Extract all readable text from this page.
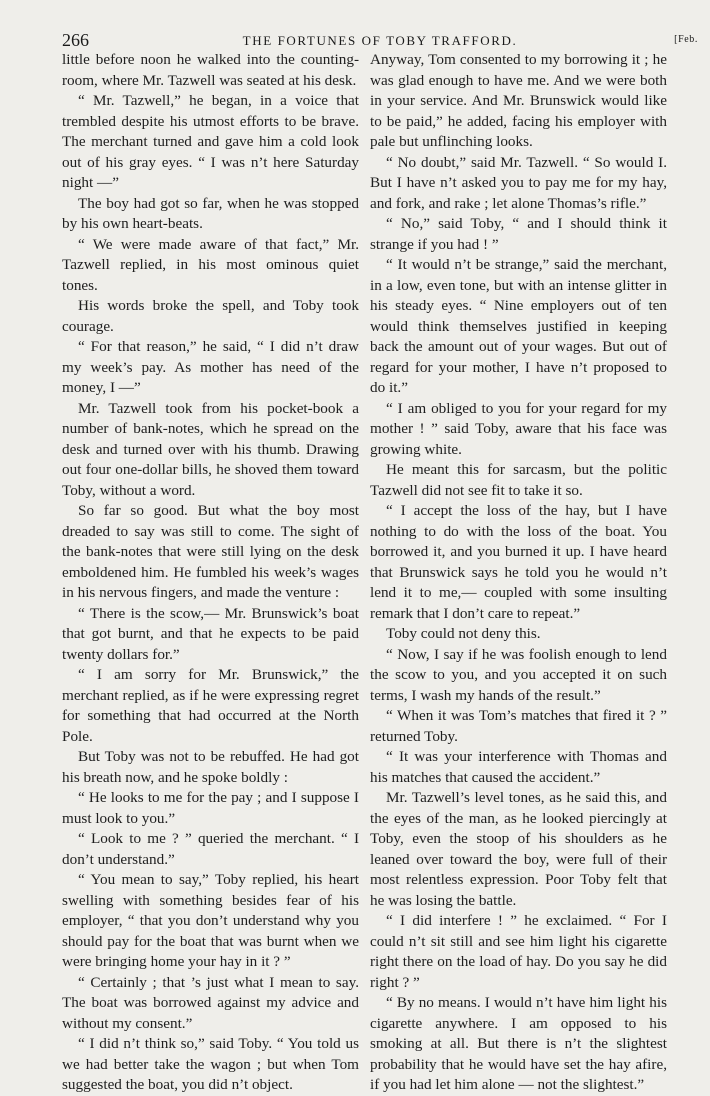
266	THE FORTUNES OF TOBY TRAFFORD.	[Feb.

little before noon he walked into the counting-room, where Mr. Tazwell was seated at his desk.

“ Mr. Tazwell,” he began, in a voice that trembled despite his utmost efforts to be brave. The merchant turned and gave him a cold look out of his gray eyes. “ I was n’t here Saturday night —”

The boy had got so far, when he was stopped by his own heart-beats.

“ We were made aware of that fact,” Mr. Tazwell replied, in his most ominous quiet tones.

His words broke the spell, and Toby took courage.

“ For that reason,” he said, “ I did n’t draw my week’s pay. As mother has need of the money, I —”

Mr. Tazwell took from his pocket-book a number of bank-notes, which he spread on the desk and turned over with his thumb. Drawing out four one-dollar bills, he shoved them toward Toby, without a word.

So far so good. But what the boy most dreaded to say was still to come. The sight of the bank-notes that were still lying on the desk emboldened him. He fumbled his week’s wages in his nervous fingers, and made the venture :

“ There is the scow,— Mr. Brunswick’s boat that got burnt, and that he expects to be paid twenty dollars for.”

“ I am sorry for Mr. Brunswick,” the merchant replied, as if he were expressing regret for something that had occurred at the North Pole.

But Toby was not to be rebuffed. He had got his breath now, and he spoke boldly :

“ He looks to me for the pay ; and I suppose I must look to you.”

“ Look to me ? ” queried the merchant. “ I don’t understand.”

“ You mean to say,” Toby replied, his heart swelling with something besides fear of his employer, “ that you don’t understand why you should pay for the boat that was burnt when we were bringing home your hay in it ? ”

“ Certainly ; that ’s just what I mean to say. The boat was borrowed against my advice and without my consent.”

“ I did n’t think so,” said Toby. “ You told us we had better take the wagon ; but when Tom suggested the boat, you did n’t object.

Anyway, Tom consented to my borrowing it ; he was glad enough to have me. And we were both in your service. And Mr. Brunswick would like to be paid,” he added, facing his employer with pale but unflinching looks.

“ No doubt,” said Mr. Tazwell. “ So would I. But I have n’t asked you to pay me for my hay, and fork, and rake ; let alone Thomas’s rifle.”

“ No,” said Toby, “ and I should think it strange if you had ! ”

“ It would n’t be strange,” said the merchant, in a low, even tone, but with an intense glitter in his steady eyes. “ Nine employers out of ten would think themselves justified in keeping back the amount out of your wages. But out of regard for your mother, I have n’t proposed to do it.”

“ I am obliged to you for your regard for my mother ! ” said Toby, aware that his face was growing white.

He meant this for sarcasm, but the politic Tazwell did not see fit to take it so.

“ I accept the loss of the hay, but I have nothing to do with the loss of the boat. You borrowed it, and you burned it up. I have heard that Brunswick says he told you he would n’t lend it to me,— coupled with some insulting remark that I don’t care to repeat.”

Toby could not deny this.

“ Now, I say if he was foolish enough to lend the scow to you, and you accepted it on such terms, I wash my hands of the result.”

“ When it was Tom’s matches that fired it ? ” returned Toby.

“ It was your interference with Thomas and his matches that caused the accident.”

Mr. Tazwell’s level tones, as he said this, and the eyes of the man, as he looked piercingly at Toby, even the stoop of his shoulders as he leaned over toward the boy, were full of their most relentless expression. Poor Toby felt that he was losing the battle.

“ I did interfere ! ” he exclaimed. “ For I could n’t sit still and see him light his cigarette right there on the load of hay. Do you say he did right ? ”

“ By no means. I would n’t have him light his cigarette anywhere. I am opposed to his smoking at all. But there is n’t the slightest probability that he would have set the hay afire, if you had let him alone — not the slightest.”
